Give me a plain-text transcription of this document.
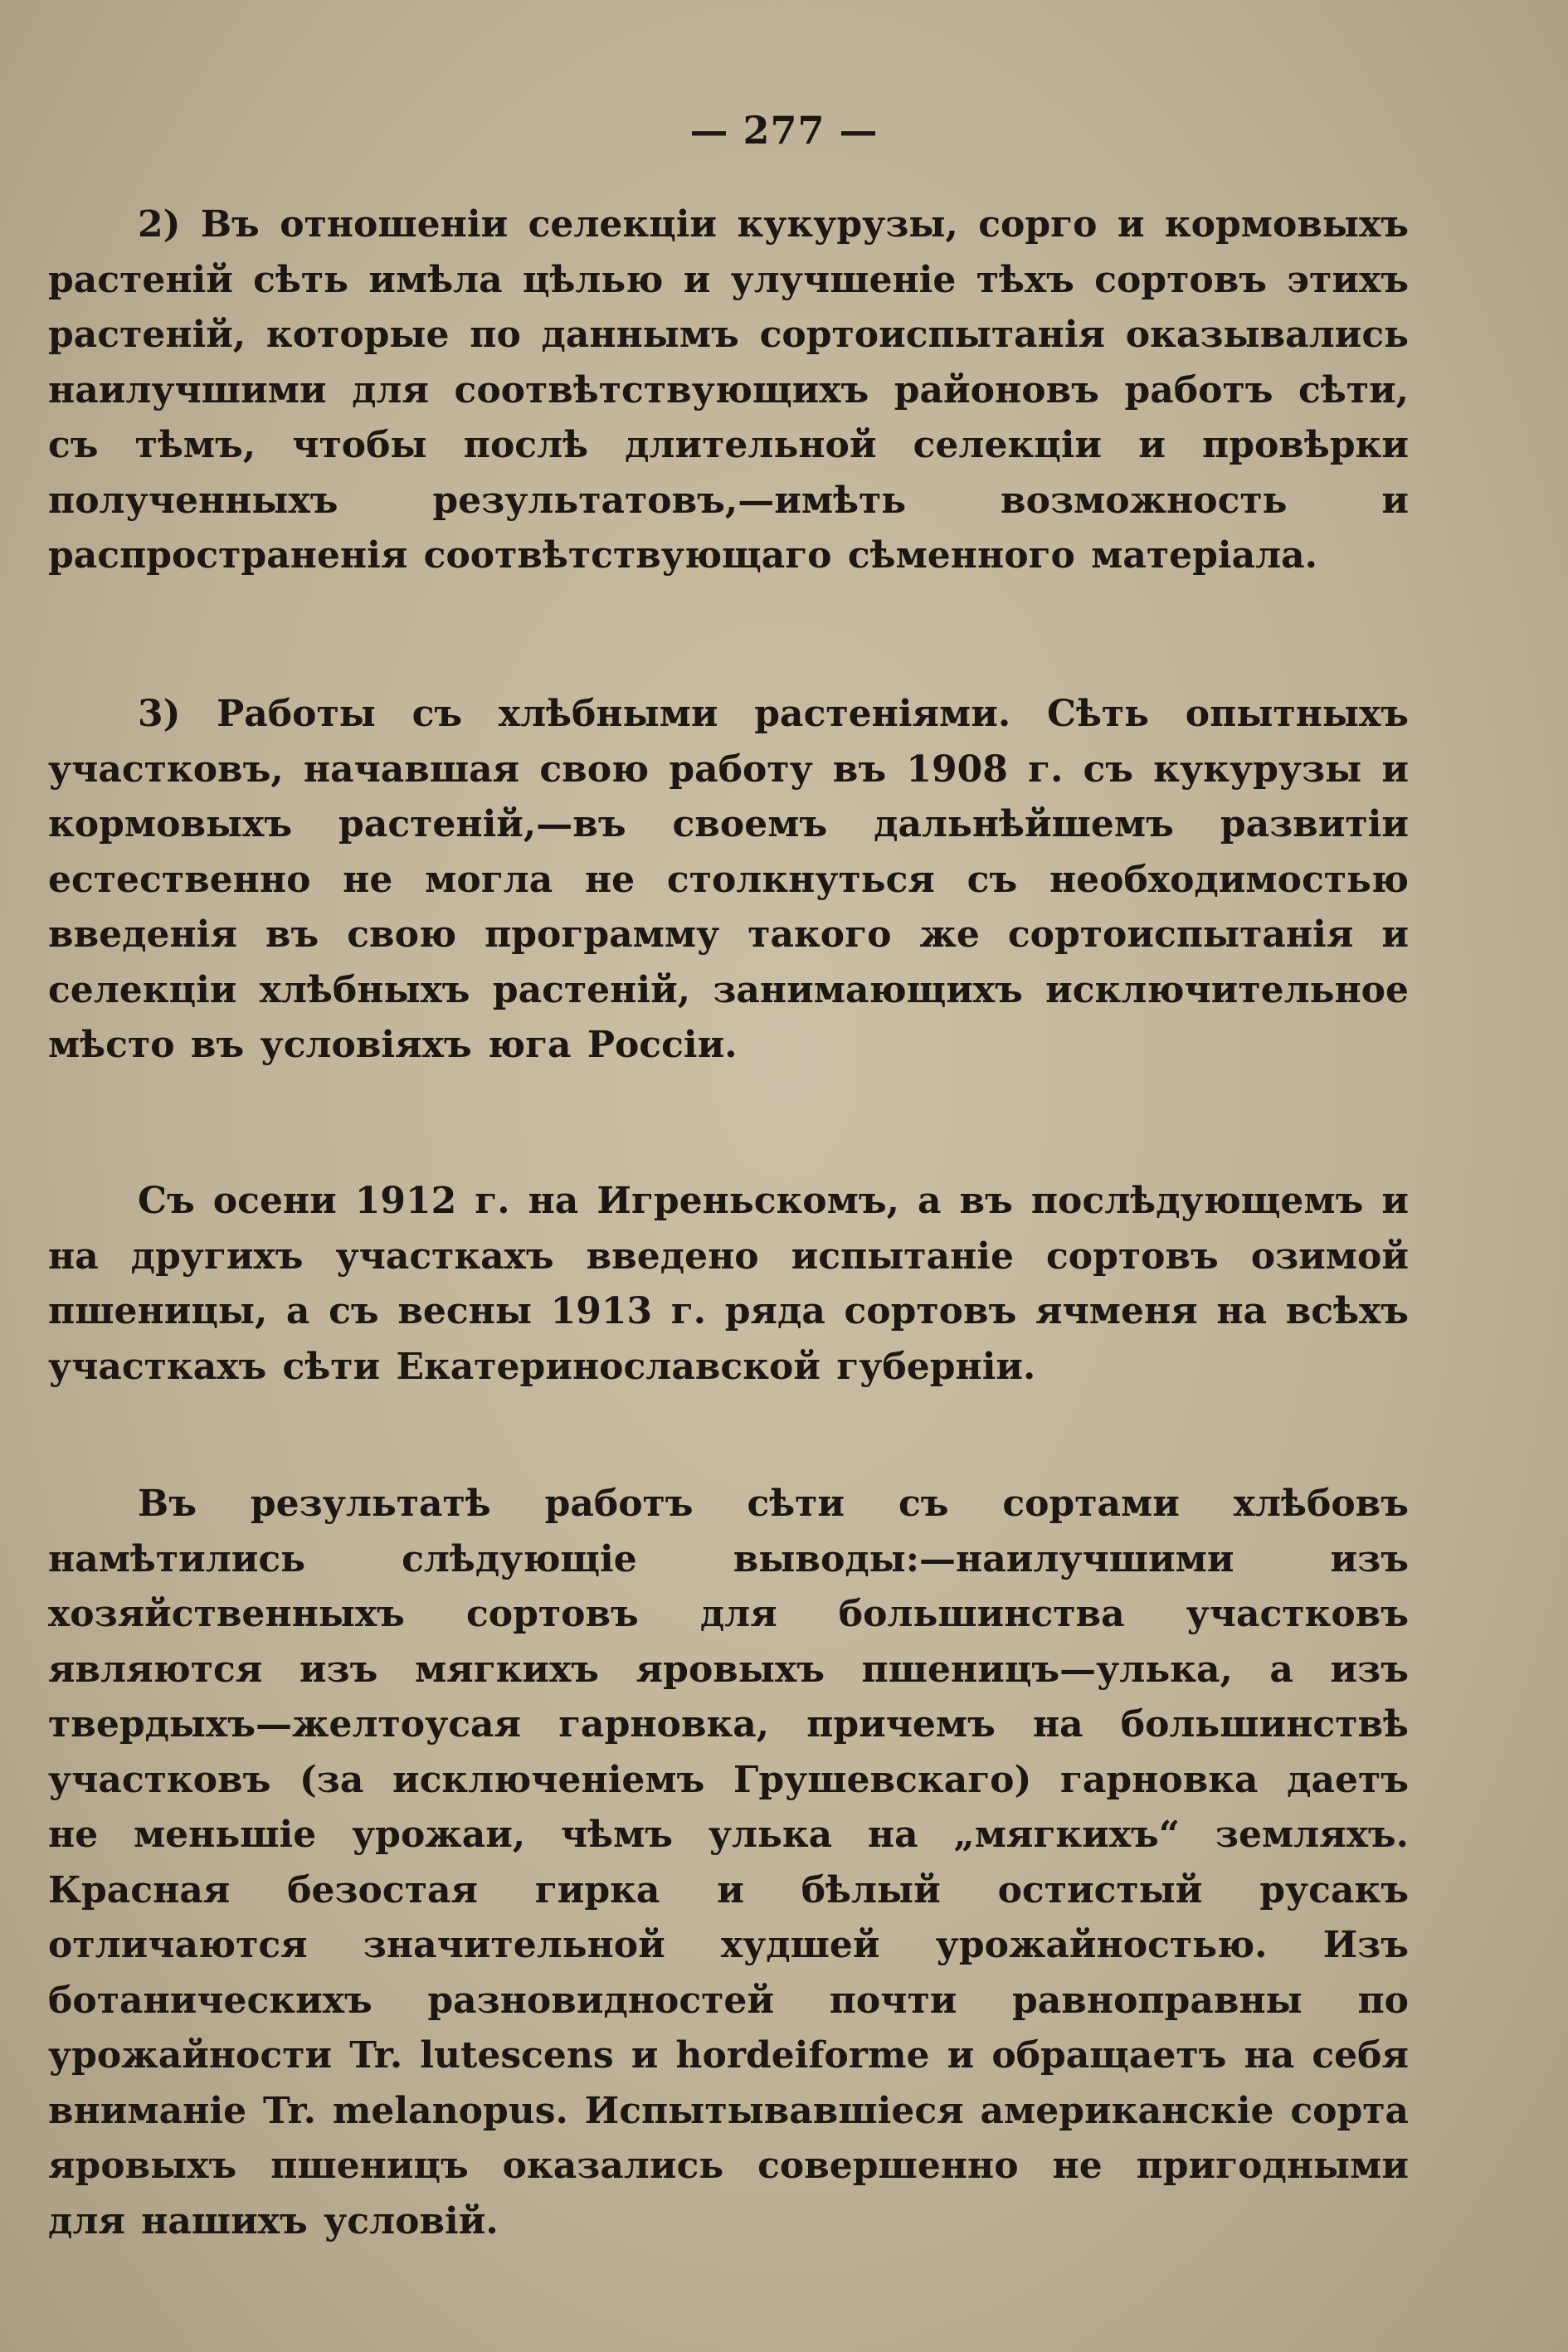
— 277 —

2) Въ отношеніи селекціи кукурузы, сорго и кормовыхъ растеній сѣть имѣла цѣлью и улучшеніе тѣхъ сортовъ этихъ растеній, которые по даннымъ сортоиспытанія оказывались наилучшими для соотвѣтствующихъ районовъ работъ сѣти, съ тѣмъ, чтобы послѣ длительной селекціи и провѣрки полученныхъ результатовъ,—имѣть возможность и распространенія соотвѣтствующаго сѣменного матеріала.

3) Работы съ хлѣбными растеніями. Сѣть опытныхъ участковъ, начавшая свою работу въ 1908 г. съ кукурузы и кормовыхъ растеній,—въ своемъ дальнѣйшемъ развитіи естественно не могла не столкнуться съ необходимостью введенія въ свою программу такого же сортоиспытанія и селекціи хлѣбныхъ растеній, занимающихъ исключительное мѣсто въ условіяхъ юга Россіи.

Съ осени 1912 г. на Игреньскомъ, а въ послѣдующемъ и на другихъ участкахъ введено испытаніе сортовъ озимой пшеницы, а съ весны 1913 г. ряда сортовъ ячменя на всѣхъ участкахъ сѣти Екатеринославской губерніи.

Въ результатѣ работъ сѣти съ сортами хлѣбовъ намѣтились слѣдующіе выводы:—наилучшими изъ хозяйственныхъ сортовъ для большинства участковъ являются изъ мягкихъ яровыхъ пшеницъ—улька, а изъ твердыхъ—желтоусая гарновка, причемъ на большинствѣ участковъ (за исключеніемъ Грушевскаго) гарновка даетъ не меньшіе урожаи, чѣмъ улька на „мягкихъ“ земляхъ. Красная безостая гирка и бѣлый остистый русакъ отличаются значительной худшей урожайностью. Изъ ботаническихъ разновидностей почти равноправны по урожайности Tr. lutescens и hordeiforme и обращаетъ на себя вниманіе Tr. melanopus. Испытывавшіеся американскіе сорта яровыхъ пшеницъ оказались совершенно не пригодными для нашихъ условій.
